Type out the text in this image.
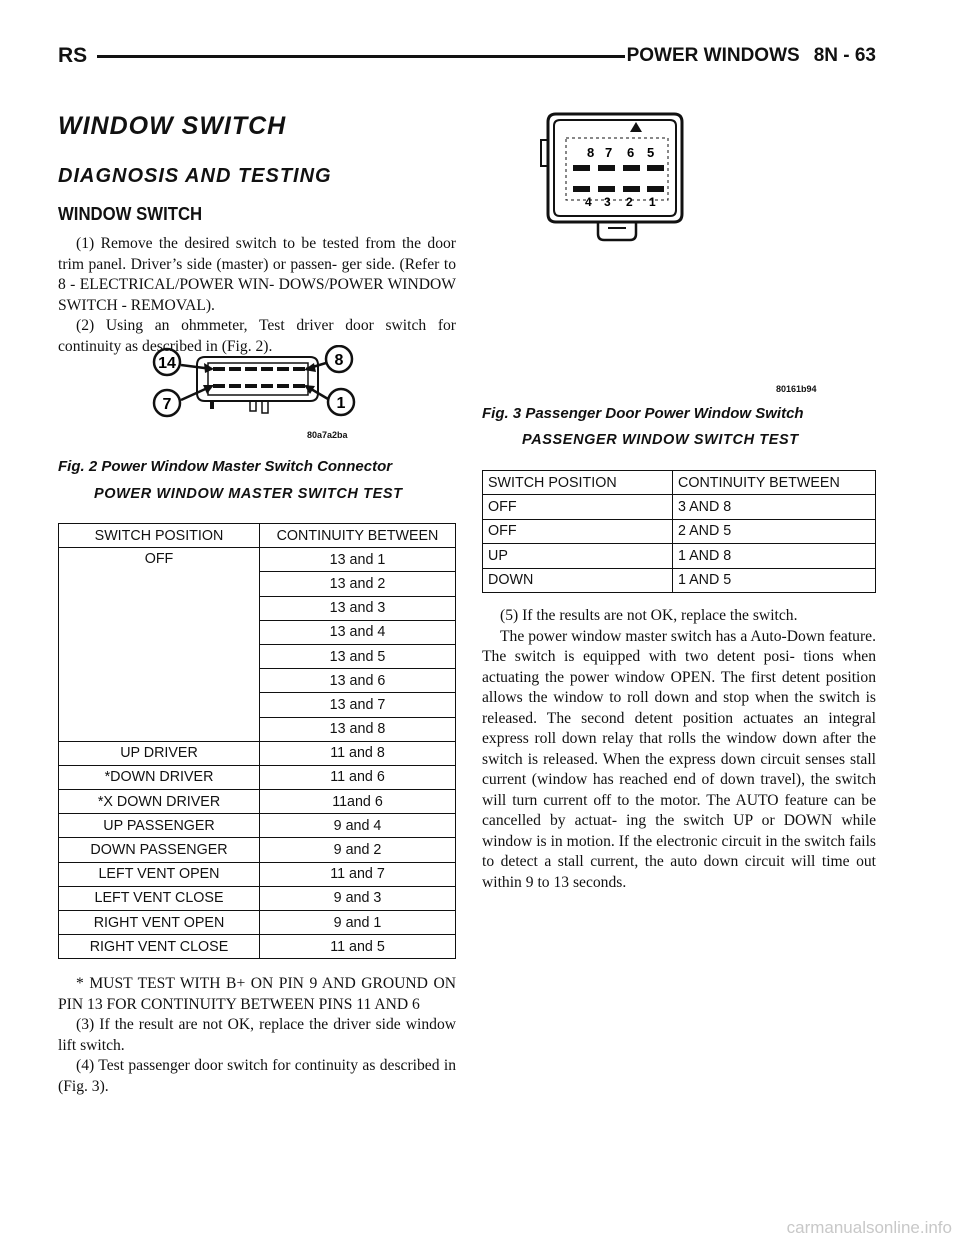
RS	POWER WINDOWS 8N - 63
WINDOW SWITCH
DIAGNOSIS AND TESTING
WINDOW SWITCH

(1) Remove the desired switch to be tested from the door trim panel. Driver’s side (master) or passen- ger side. (Refer to 8 - ELECTRICAL/POWER WIN- DOWS/POWER WINDOW SWITCH - REMOVAL).

(2) Using an ohmmeter, Test driver door switch for continuity as described in (Fig. 2).

14	8
7	1
80a7a2ba
Fig. 2 Power Window Master Switch Connector
POWER WINDOW MASTER SWITCH TEST
SWITCH POSITION	CONTINUITY BETWEEN
OFF	13 and 1
	13 and 2
	13 and 3
	13 and 4
	13 and 5
	13 and 6
	13 and 7
	13 and 8
UP DRIVER	11 and 8
*DOWN DRIVER	11 and 6
*X DOWN DRIVER	11and 6
UP PASSENGER	9 and 4
DOWN PASSENGER	9 and 2
LEFT VENT OPEN	11 and 7
LEFT VENT CLOSE	9 and 3
RIGHT VENT OPEN	9 and 1
RIGHT VENT CLOSE	11 and 5

* MUST TEST WITH B+ ON PIN 9 AND GROUND ON PIN 13 FOR CONTINUITY BETWEEN PINS 11 AND 6

(3) If the result are not OK, replace the driver side window lift switch.

(4) Test passenger door switch for continuity as described in (Fig. 3).

8 7 6 5
4 3 2 1
80161b94
Fig. 3 Passenger Door Power Window Switch
PASSENGER WINDOW SWITCH TEST
SWITCH POSITION	CONTINUITY BETWEEN
OFF	3 AND 8
OFF	2 AND 5
UP	1 AND 8
DOWN	1 AND 5

(5) If the results are not OK, replace the switch.

The power window master switch has a Auto-Down feature. The switch is equipped with two detent posi- tions when actuating the power window OPEN. The first detent position allows the window to roll down and stop when the switch is released. The second detent position actuates an integral express roll down relay that rolls the window down after the switch is released. When the express down circuit senses stall current (window has reached end of down travel), the switch will turn current off to the motor. The AUTO feature can be cancelled by actuat- ing the switch UP or DOWN while window is in motion. If the electronic circuit in the switch fails to detect a stall current, the auto down circuit will time out within 9 to 13 seconds.

carmanualsonline.info
